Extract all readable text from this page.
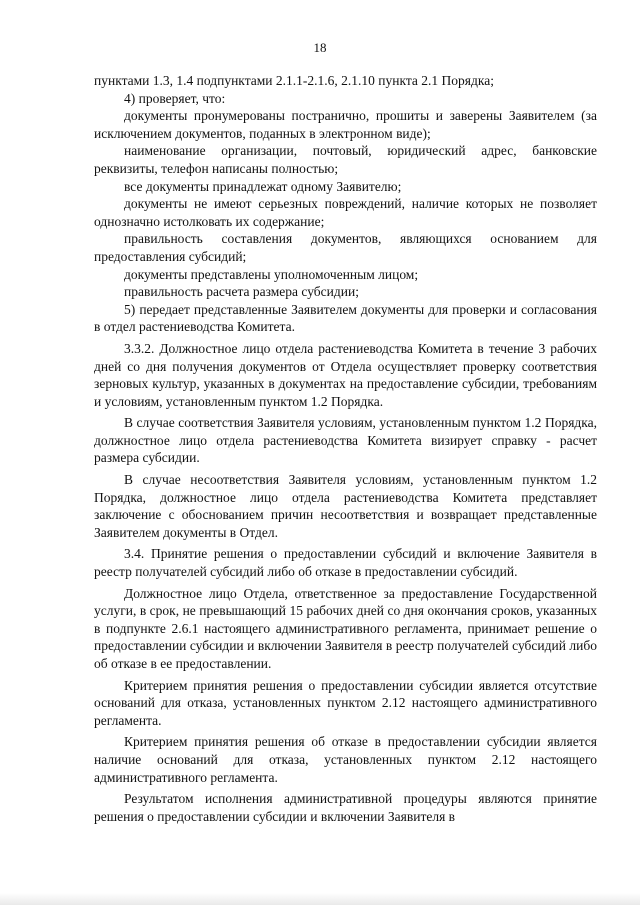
18

пунктами 1.3, 1.4 подпунктами 2.1.1-2.1.6, 2.1.10 пункта 2.1 Порядка;

4) проверяет, что:

документы пронумерованы постранично, прошиты и заверены Заявителем (за исключением документов, поданных в электронном виде);

наименование организации, почтовый, юридический адрес, банковские реквизиты, телефон написаны полностью;

все документы принадлежат одному Заявителю;

документы не имеют серьезных повреждений, наличие которых не позволяет однозначно истолковать их содержание;

правильность составления документов, являющихся основанием для предоставления субсидий;

документы представлены уполномоченным лицом;

правильность расчета размера субсидии;

5) передает представленные Заявителем документы для проверки и согласования в отдел растениеводства Комитета.

3.3.2. Должностное лицо отдела растениеводства Комитета в течение 3 рабочих дней со дня получения документов от Отдела осуществляет проверку соответствия зерновых культур, указанных в документах на предоставление субсидии, требованиям и условиям, установленным пунктом 1.2 Порядка.

В случае соответствия Заявителя условиям, установленным пунктом 1.2 Порядка, должностное лицо отдела растениеводства Комитета визирует справку - расчет размера субсидии.

В случае несоответствия Заявителя условиям, установленным пунктом 1.2 Порядка, должностное лицо отдела растениеводства Комитета представляет заключение с обоснованием причин несоответствия и возвращает представленные Заявителем документы в Отдел.

3.4. Принятие решения о предоставлении субсидий и включение Заявителя в реестр получателей субсидий либо об отказе в предоставлении субсидий.

Должностное лицо Отдела, ответственное за предоставление Государственной услуги, в срок, не превышающий 15 рабочих дней со дня окончания сроков, указанных в подпункте 2.6.1 настоящего административного регламента, принимает решение о предоставлении субсидии и включении Заявителя в реестр получателей субсидий либо об отказе в ее предоставлении.

Критерием принятия решения о предоставлении субсидии является отсутствие оснований для отказа, установленных пунктом 2.12 настоящего административного регламента.

Критерием принятия решения об отказе в предоставлении субсидии является наличие оснований для отказа, установленных пунктом 2.12 настоящего административного регламента.

Результатом исполнения административной процедуры являются принятие решения о предоставлении субсидии и включении Заявителя в
